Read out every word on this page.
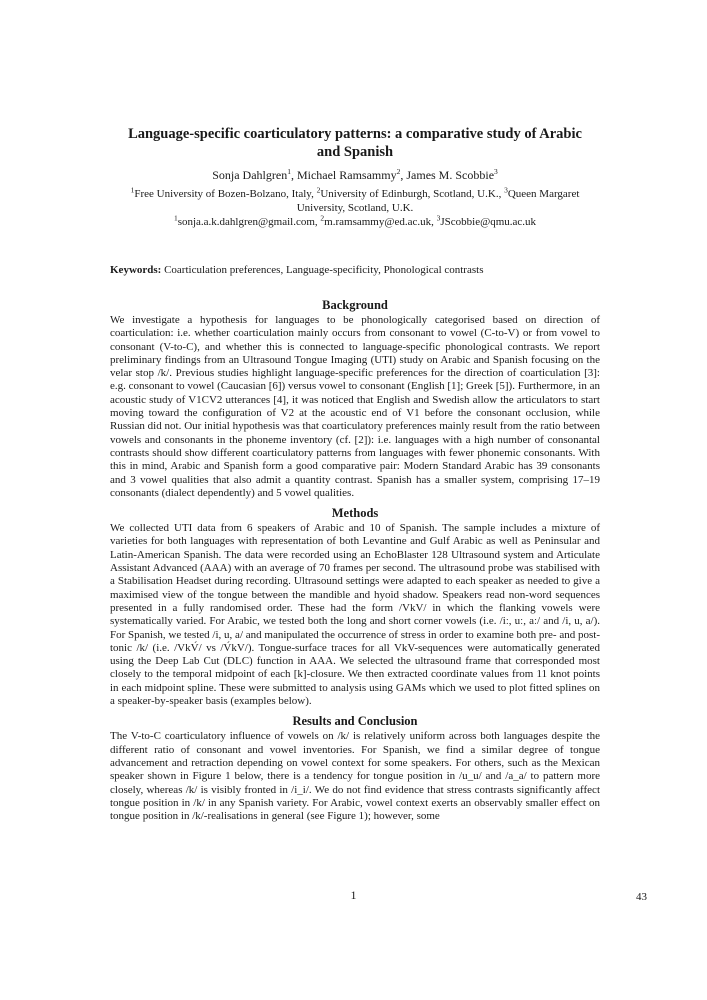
Language-specific coarticulatory patterns: a comparative study of Arabic
and Spanish
Sonja Dahlgren$^1$, Michael Ramsammy$^2$, James M. Scobbie$^3$
$^1$Free University of Bozen-Bolzano, Italy, $^2$University of Edinburgh, Scotland, U.K., $^3$Queen Margaret University, Scotland, U.K.
$^1$sonja.a.k.dahlgren@gmail.com, $^2$m.ramsammy@ed.ac.uk, $^3$JScobbie@qmu.ac.uk
Keywords: Coarticulation preferences, Language-specificity, Phonological contrasts
Background

We investigate a hypothesis for languages to be phonologically categorised based on direction of coarticulation: i.e. whether coarticulation mainly occurs from consonant to vowel (C-to-V) or from vowel to consonant (V-to-C), and whether this is connected to language-specific phonological contrasts. We report preliminary findings from an Ultrasound Tongue Imaging (UTI) study on Arabic and Spanish focusing on the velar stop /k/. Previous studies highlight language-specific preferences for the direction of coarticulation [3]: e.g. consonant to vowel (Caucasian [6]) versus vowel to consonant (English [1]; Greek [5]). Furthermore, in an acoustic study of V1CV2 utterances [4], it was noticed that English and Swedish allow the articulators to start moving toward the configuration of V2 at the acoustic end of V1 before the consonant occlusion, while Russian did not. Our initial hypothesis was that coarticulatory preferences mainly result from the ratio between vowels and consonants in the phoneme inventory (cf. [2]): i.e. languages with a high number of consonantal contrasts should show different coarticulatory patterns from languages with fewer phonemic consonants. With this in mind, Arabic and Spanish form a good comparative pair: Modern Standard Arabic has 39 consonants and 3 vowel qualities that also admit a quantity contrast. Spanish has a smaller system, comprising 17–19 consonants (dialect dependently) and 5 vowel qualities.

Methods

We collected UTI data from 6 speakers of Arabic and 10 of Spanish. The sample includes a mixture of varieties for both languages with representation of both Levantine and Gulf Arabic as well as Peninsular and Latin-American Spanish. The data were recorded using an EchoBlaster 128 Ultrasound system and Articulate Assistant Advanced (AAA) with an average of 70 frames per second. The ultrasound probe was stabilised with a Stabilisation Headset during recording. Ultrasound settings were adapted to each speaker as needed to give a maximised view of the tongue between the mandible and hyoid shadow. Speakers read non-word sequences presented in a fully randomised order. These had the form /VkV/ in which the flanking vowels were systematically varied. For Arabic, we tested both the long and short corner vowels (i.e. /iː, uː, aː/ and /i, u, a/). For Spanish, we tested /i, u, a/ and manipulated the occurrence of stress in order to examine both pre- and post-tonic /k/ (i.e. /VkV́/ vs /V́kV/). Tongue-surface traces for all VkV-sequences were automatically generated using the Deep Lab Cut (DLC) function in AAA. We selected the ultrasound frame that corresponded most closely to the temporal midpoint of each [k]-closure. We then extracted coordinate values from 11 knot points in each midpoint spline. These were submitted to analysis using GAMs which we used to plot fitted splines on a speaker-by-speaker basis (examples below).

Results and Conclusion

The V-to-C coarticulatory influence of vowels on /k/ is relatively uniform across both languages despite the different ratio of consonant and vowel inventories. For Spanish, we find a similar degree of tongue advancement and retraction depending on vowel context for some speakers. For others, such as the Mexican speaker shown in Figure 1 below, there is a tendency for tongue position in /u_u/ and /a_a/ to pattern more closely, whereas /k/ is visibly fronted in /i_i/. We do not find evidence that stress contrasts significantly affect tongue position in /k/ in any Spanish variety. For Arabic, vowel context exerts an observably smaller effect on tongue position in /k/-realisations in general (see Figure 1); however, some

1	43
